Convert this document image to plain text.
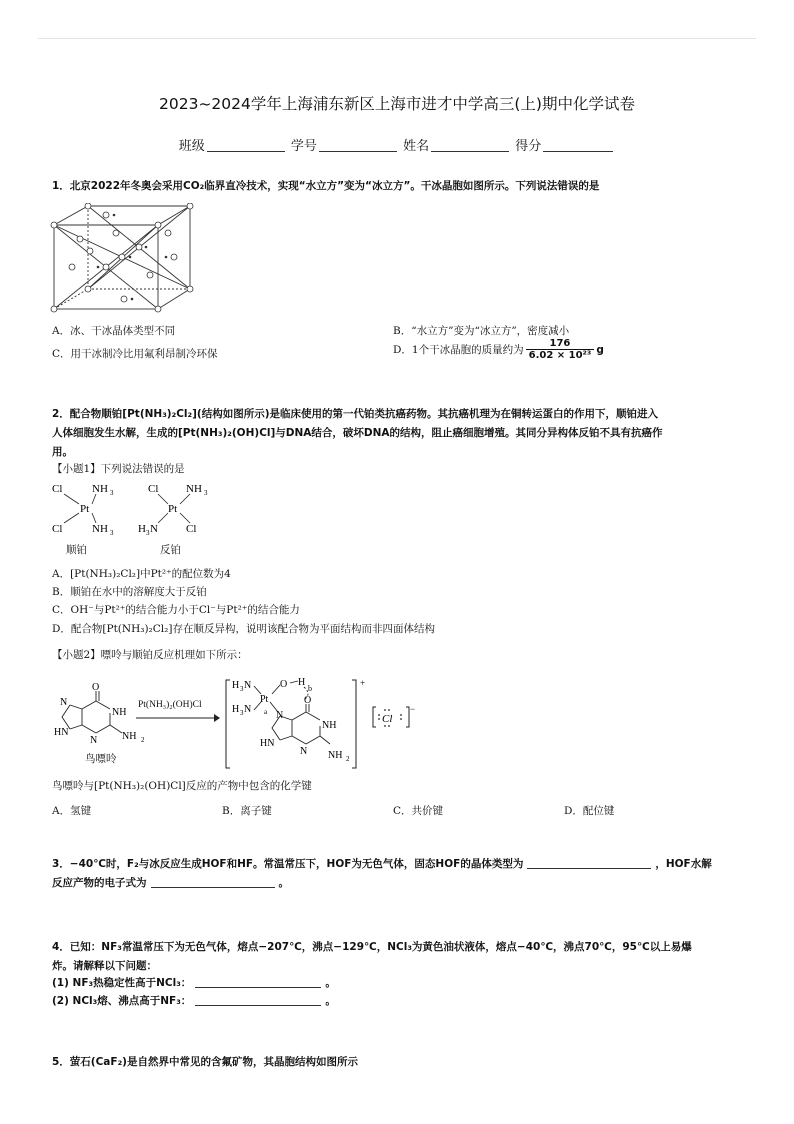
2023~2024学年上海浦东新区上海市进才中学高三(上)期中化学试卷
班级	学号	姓名	得分
1．北京2022年冬奥会采用CO₂临界直冷技术，实现“水立方”变为“冰立方”。干冰晶胞如图所示。下列说法错误的是
A．冰、干冰晶体类型不同	B．“水立方”变为“冰立方”，密度减小
C．用干冰制冷比用氟利昂制冷环保	D．1个干冰晶胞的质量约为 $\frac{176}{\text{6.02 × 10²³}}$ g
2．配合物顺铂[Pt(NH₃)₂Cl₂](结构如图所示)是临床使用的第一代铂类抗癌药物。其抗癌机理为在铜转运蛋白的作用下，顺铂进入
人体细胞发生水解，生成的[Pt(NH₃)₂(OH)Cl]与DNA结合，破坏DNA的结构，阻止癌细胞增殖。其同分异构体反铂不具有抗癌作
用。
【小题1】下列说法错误的是
Cl	NH 3
Pt
Cl	NH 3
顺铂
Cl	NH 3
Pt
H 3 N	Cl
反铂
A．[Pt(NH₃)₂Cl₂]中Pt²⁺的配位数为4
B．顺铂在水中的溶解度大于反铂
C．OH⁻与Pt²⁺的结合能力小于Cl⁻与Pt²⁺的结合能力
D．配合物[Pt(NH₃)₂Cl₂]存在顺反异构，说明该配合物为平面结构而非四面体结构
【小题2】嘌呤与顺铂反应机理如下所示：
O
NH
N
HN
N NH 2
鸟嘌呤
Pt(NH₃)₂(OH)Cl
+
H 3 N
Pt
H 3 N
O H
b
a N
O
NH
HN
N NH 2
Cl
−
鸟嘌呤与[Pt(NH₃)₂(OH)Cl]反应的产物中包含的化学键
A．氢键	B．离子键	C．共价键	D．配位键
3．−40℃时，F₂与冰反应生成HOF和HF。常温常压下，HOF为无色气体，固态HOF的晶体类型为	，HOF水解
反应产物的电子式为	。
4．已知：NF₃常温常压下为无色气体，熔点−207℃，沸点−129℃，NCl₃为黄色油状液体，熔点−40℃，沸点70℃，95℃以上易爆
炸。请解释以下问题：
(1) NF₃热稳定性高于NCl₃：	。
(2) NCl₃熔、沸点高于NF₃：	。
5．萤石(CaF₂)是自然界中常见的含氟矿物，其晶胞结构如图所示
